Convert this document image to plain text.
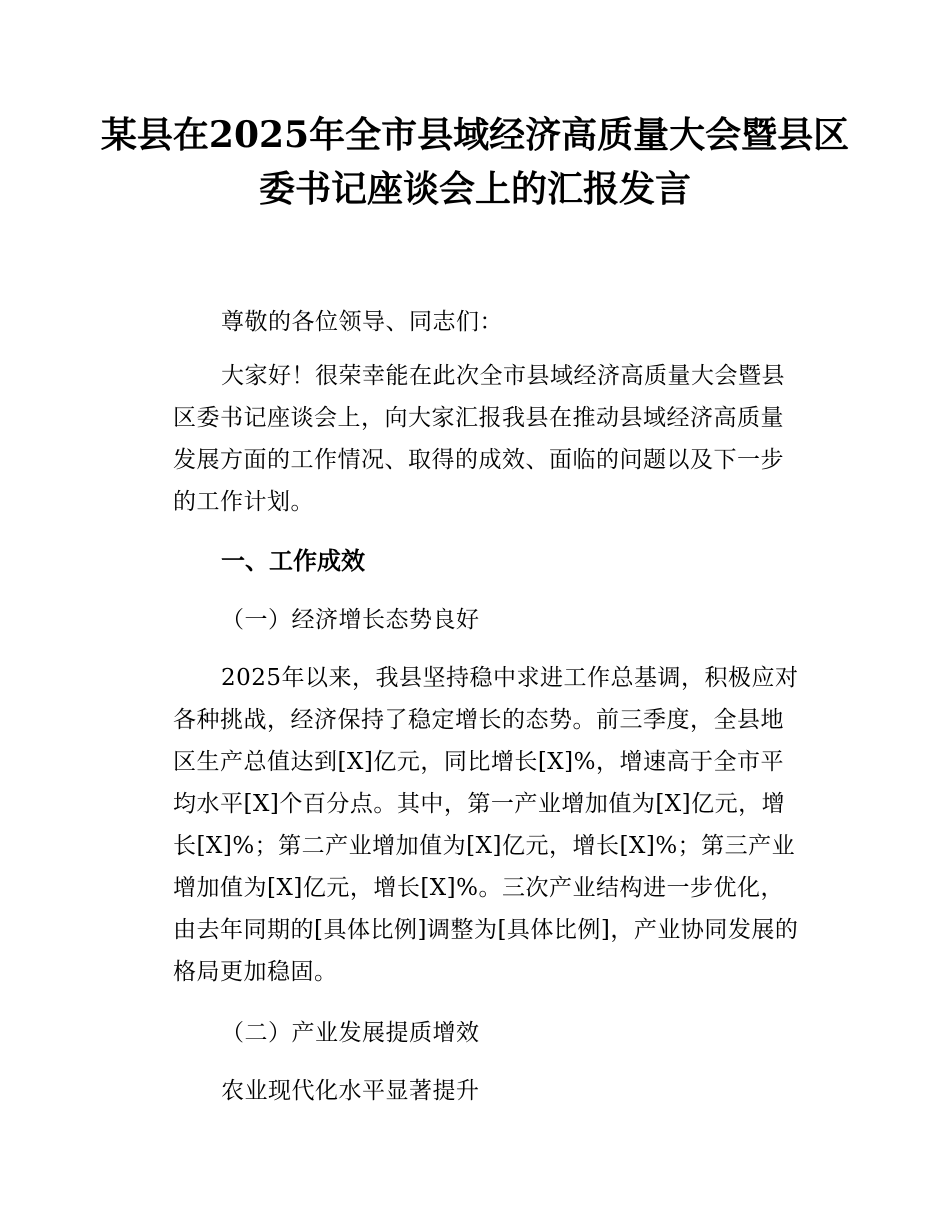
某县在2025年全市县域经济高质量大会暨县区委书记座谈会上的汇报发言

尊敬的各位领导、同志们：

大家好！很荣幸能在此次全市县域经济高质量大会暨县区委书记座谈会上，向大家汇报我县在推动县域经济高质量发展方面的工作情况、取得的成效、面临的问题以及下一步的工作计划。

一、工作成效

（一）经济增长态势良好

2025年以来，我县坚持稳中求进工作总基调，积极应对各种挑战，经济保持了稳定增长的态势。前三季度，全县地区生产总值达到[X]亿元，同比增长[X]%，增速高于全市平均水平[X]个百分点。其中，第一产业增加值为[X]亿元，增长[X]%；第二产业增加值为[X]亿元，增长[X]%；第三产业增加值为[X]亿元，增长[X]%。三次产业结构进一步优化，由去年同期的[具体比例]调整为[具体比例]，产业协同发展的格局更加稳固。

（二）产业发展提质增效

农业现代化水平显著提升
